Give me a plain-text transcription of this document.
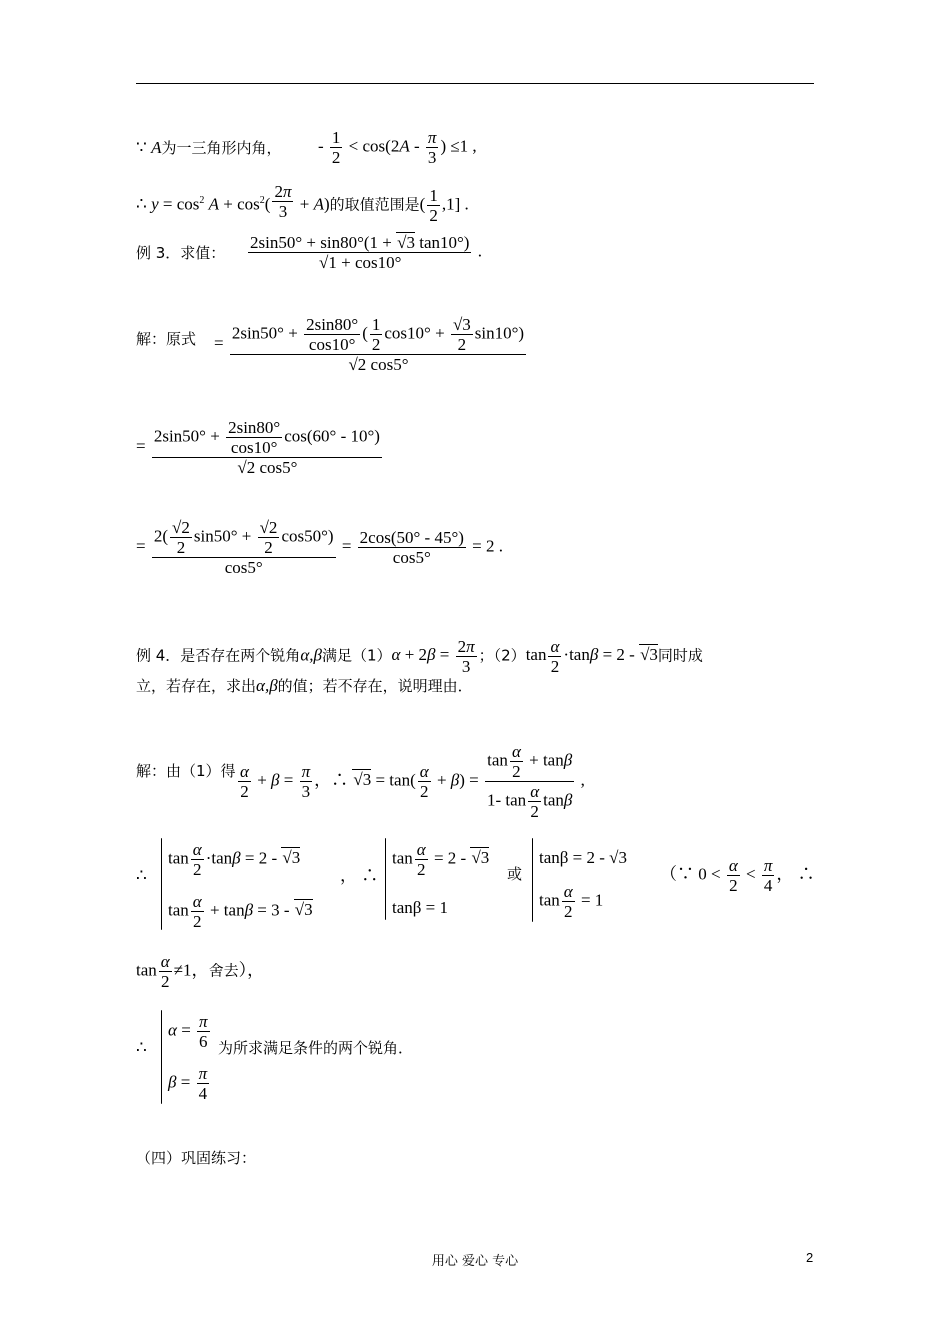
∵ A为一三角形内角， - $\frac{1}{2} < \cos(2A - \frac{\pi}{3}$ ) ≤1 ,
∴ $y = \cos^2 A + \cos^2( \frac{2\pi}{3} + A)$的取值范围是( $\frac{1}{2} ,1$] .
例 3．求值： $\frac{2\sin 50^\circ + \sin 80^\circ(1 + √3 \tan 10^\circ)}{√1 + \cos 10^\circ}$ .
解：原式 = $\frac{2\sin 50^\circ + \frac{2\sin 80^\circ}{\cos 10^\circ} ( \frac{1}{2} \cos 10^\circ + \frac{√3}{2} \sin 10^\circ)}{√2 \cos 5^\circ}$
= $\frac{2\sin 50^\circ + \frac{2\sin 80^\circ}{\cos 10^\circ} \cos(60^\circ - 10^\circ)}{√2 \cos 5^\circ}$
= $\frac{2( \frac{√2}{2} \sin 50^\circ + \frac{√2}{2} \cos 50^\circ)}{\cos 5^\circ} = \frac{2\cos(50^\circ - 45^\circ)}{\cos 5^\circ} = 2$ .
例 4．是否存在两个锐角α,β满足$(1)\alpha + 2\beta = \frac{2\pi}{3}$ ；$(2)\tan \frac{\alpha}{2} \cdot\tan\beta = 2 - √3$同时成
立，若存在，求出α,β的值；若不存在，说明理由．
解：由（1）得 $\frac{\alpha}{2} + \beta = \frac{\pi}{3}$ ，∴ $√3 = \tan( \frac{\alpha}{2} + \beta) = \frac{\tan \frac{\alpha}{2} + \tan\beta}{1- \tan \frac{\alpha}{2} \tan\beta}$ ,
∴
$\tan \frac{\alpha}{2} \cdot\tan\beta = 2 - √3$
$\tan \frac{\alpha}{2} + \tan\beta = 3 - √3$
， ∴
$\tan \frac{\alpha}{2} = 2 - √3$
tanβ = 1
或
tanβ = 2 - √3
$\tan \frac{\alpha}{2} = 1$
（∵ $0 < \frac{\alpha}{2} < \frac{\pi}{4}$ ， ∴
$\tan \frac{\alpha}{2} \ne 1$，舍去），
∴
$\alpha = \frac{\pi}{6}$
$\beta = \frac{\pi}{4}$
为所求满足条件的两个锐角．
（四）巩固练习：
用心 爱心 专心	2
